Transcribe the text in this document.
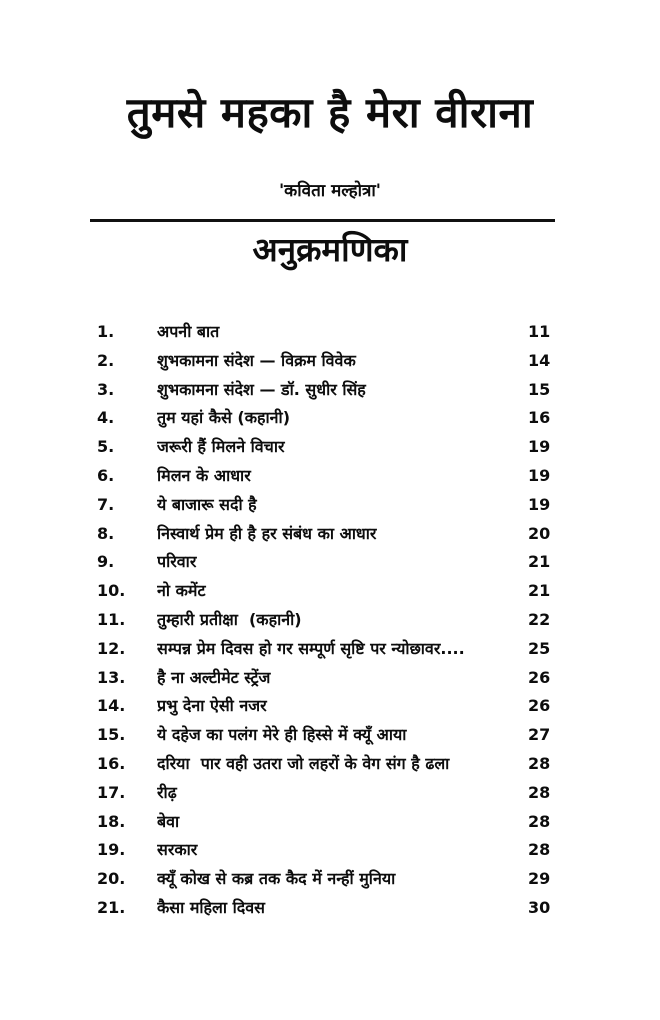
तुमसे महका है मेरा वीराना
'कविता मल्होत्रा'
अनुक्रमणिका
1.	अपनी बात	11
2.	शुभकामना संदेश — विक्रम विवेक	14
3.	शुभकामना संदेश — डॉ. सुधीर सिंह	15
4.	तुम यहां कैसे (कहानी)	16
5.	जरूरी हैं मिलने विचार	19
6.	मिलन के आधार	19
7.	ये बाजारू सदी है	19
8.	निस्वार्थ प्रेम ही है हर संबंध का आधार	20
9.	परिवार	21
10.	नो कमेंट	21
11.	तुम्हारी प्रतीक्षा  (कहानी)	22
12.	सम्पन्न प्रेम दिवस हो गर सम्पूर्ण सृष्टि पर न्योछावर....	25
13.	है ना अल्टीमेट स्ट्रेंज	26
14.	प्रभु देना ऐसी नजर	26
15.	ये दहेज का पलंग मेरे ही हिस्से में क्यूँ आया	27
16.	दरिया  पार वही उतरा जो लहरों के वेग संग है ढला	28
17.	रीढ़	28
18.	बेवा	28
19.	सरकार	28
20.	क्यूँ कोख से कब्र तक कैद में नन्हीं मुनिया	29
21.	कैसा महिला दिवस	30
